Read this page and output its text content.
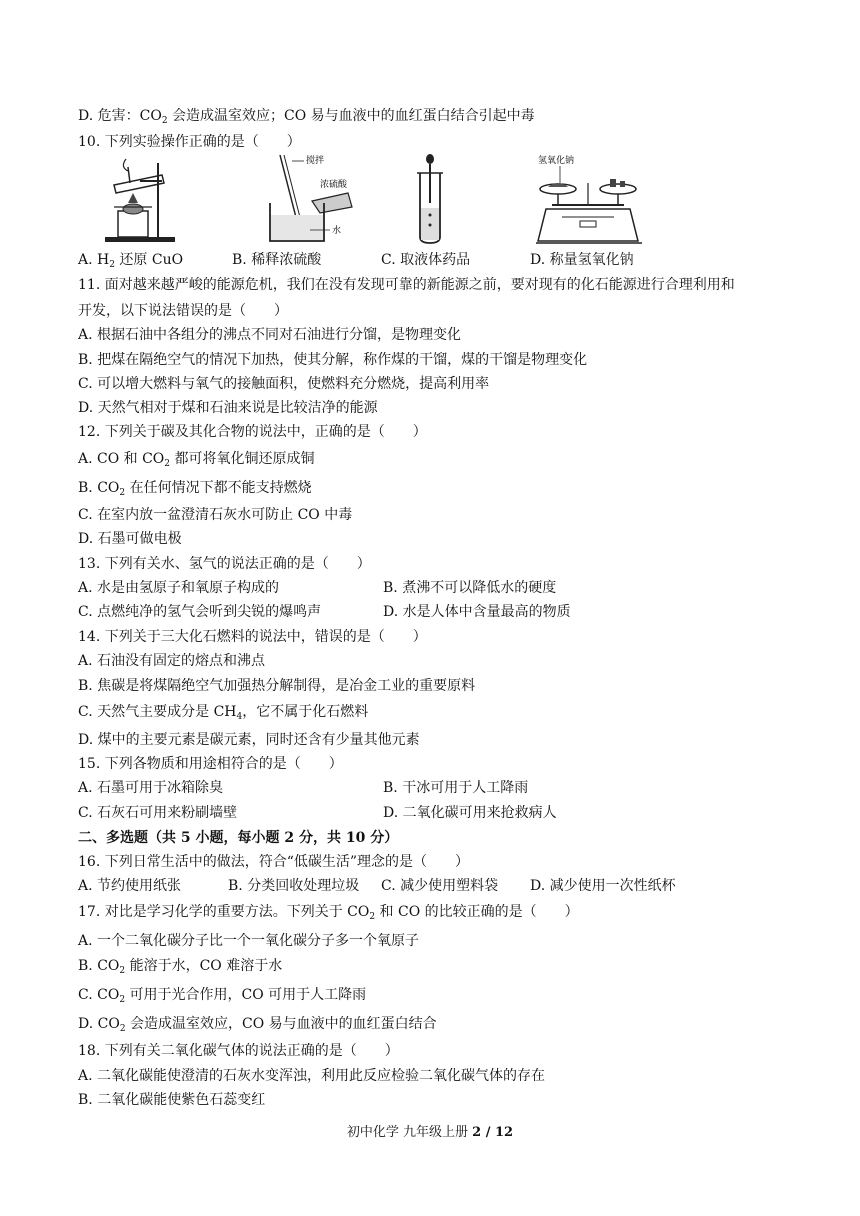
D. 危害：$CO_2$ 会造成温室效应；CO 易与血液中的血红蛋白结合引起中毒
10. 下列实验操作正确的是（　　）
搅拌
浓硫酸
水
氢氧化钠
A. $H_2$ 还原 CuO	B. 稀释浓硫酸	C. 取液体药品	D. 称量氢氧化钠
11. 面对越来越严峻的能源危机，我们在没有发现可靠的新能源之前，要对现有的化石能源进行合理利用和
开发，以下说法错误的是（　　）
A. 根据石油中各组分的沸点不同对石油进行分馏，是物理变化
B. 把煤在隔绝空气的情况下加热，使其分解，称作煤的干馏，煤的干馏是物理变化
C. 可以增大燃料与氧气的接触面积，使燃料充分燃烧，提高利用率
D. 天然气相对于煤和石油来说是比较洁净的能源
12. 下列关于碳及其化合物的说法中，正确的是（　　）
A. CO 和 $CO_2$ 都可将氧化铜还原成铜
B. $CO_2$ 在任何情况下都不能支持燃烧
C. 在室内放一盆澄清石灰水可防止 CO 中毒
D. 石墨可做电极
13. 下列有关水、氢气的说法正确的是（　　）
A. 水是由氢原子和氧原子构成的	B. 煮沸不可以降低水的硬度
C. 点燃纯净的氢气会听到尖锐的爆鸣声	D. 水是人体中含量最高的物质
14. 下列关于三大化石燃料的说法中，错误的是（　　）
A. 石油没有固定的熔点和沸点
B. 焦碳是将煤隔绝空气加强热分解制得，是冶金工业的重要原料
C. 天然气主要成分是 $CH_4$，它不属于化石燃料
D. 煤中的主要元素是碳元素，同时还含有少量其他元素
15. 下列各物质和用途相符合的是（　　）
A. 石墨可用于冰箱除臭	B. 干冰可用于人工降雨
C. 石灰石可用来粉刷墙壁	D. 二氧化碳可用来抢救病人
二、多选题（共 5 小题，每小题 2 分，共 10 分）
16. 下列日常生活中的做法，符合“低碳生活”理念的是（　　）
A. 节约使用纸张	B. 分类回收处理垃圾 C. 减少使用塑料袋 D. 减少使用一次性纸杯
17. 对比是学习化学的重要方法。下列关于 $CO_2$ 和 CO 的比较正确的是（　　）
A. 一个二氧化碳分子比一个一氧化碳分子多一个氧原子
B. $CO_2$ 能溶于水，CO 难溶于水
C. $CO_2$ 可用于光合作用，CO 可用于人工降雨
D. $CO_2$ 会造成温室效应，CO 易与血液中的血红蛋白结合
18. 下列有关二氧化碳气体的说法正确的是（　　）
A. 二氧化碳能使澄清的石灰水变浑浊，利用此反应检验二氧化碳气体的存在
B. 二氧化碳能使紫色石蕊变红
初中化学 九年级上册 2 / 12
